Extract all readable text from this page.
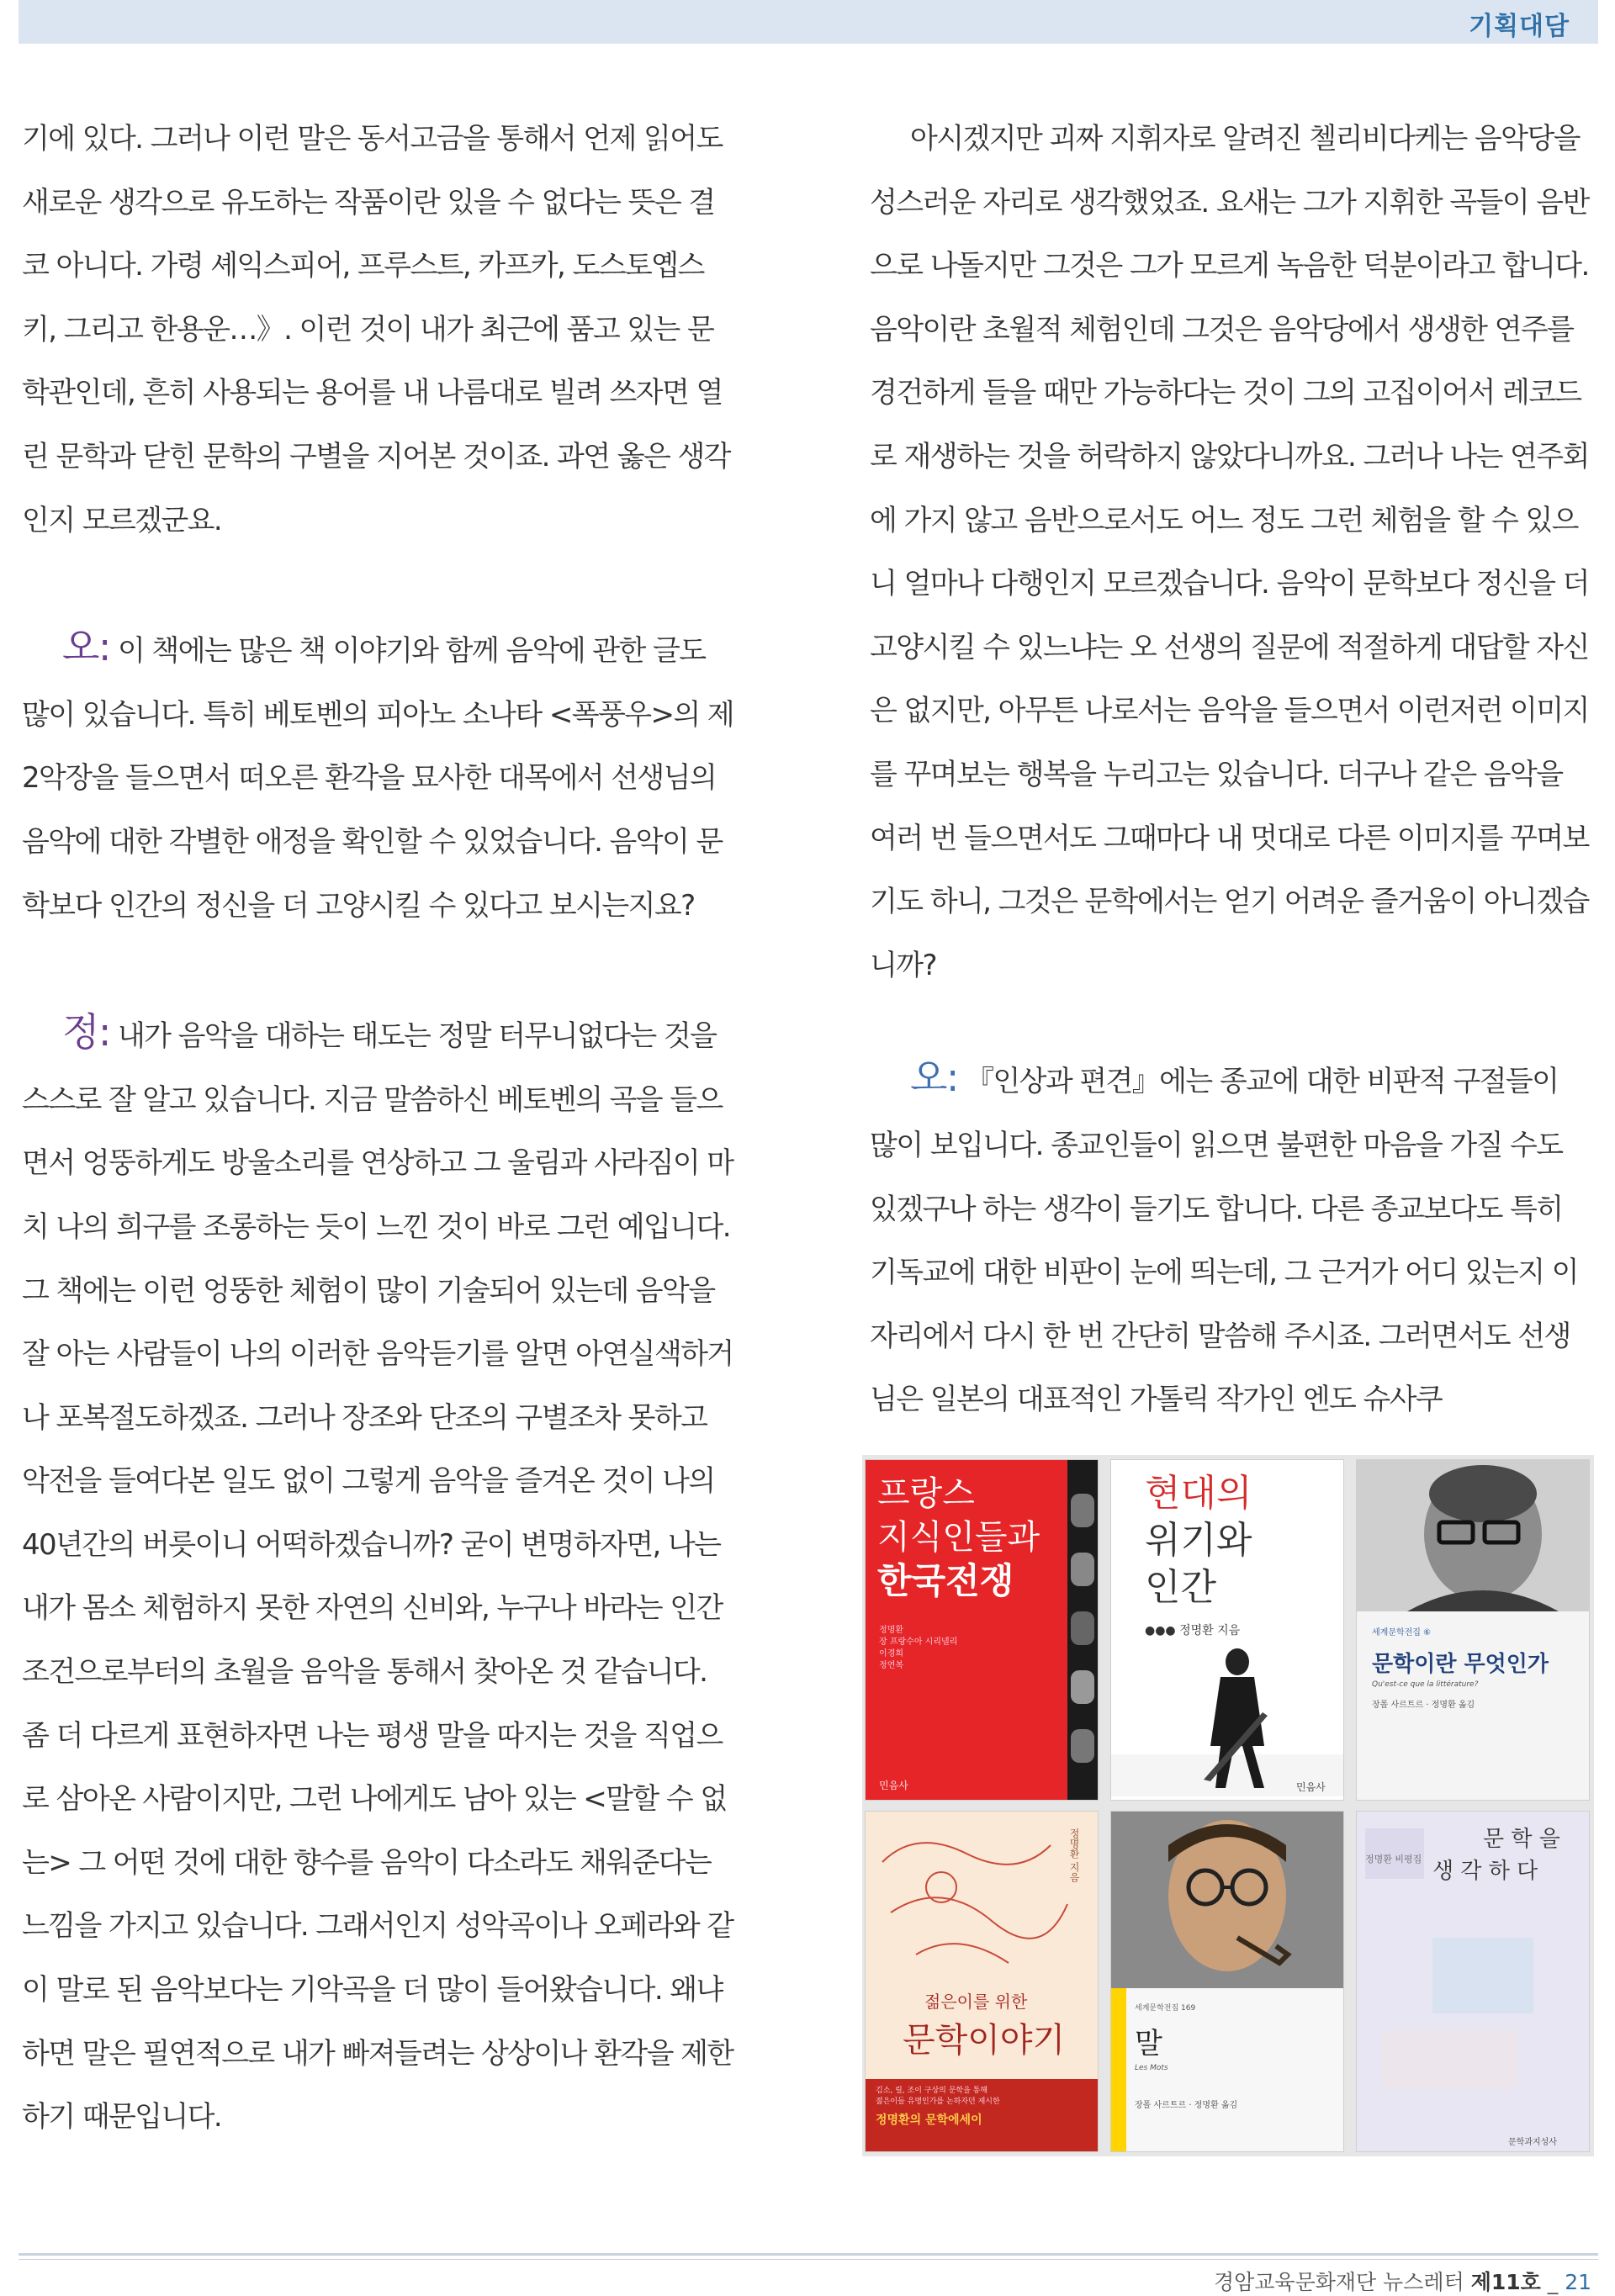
기획대담

기에 있다. 그러나 이런 말은 동서고금을 통해서 언제 읽어도 새로운 생각으로 유도하는 작품이란 있을 수 없다는 뜻은 결코 아니다. 가령 셰익스피어, 프루스트, 카프카, 도스토옙스키, 그리고 한용운…》. 이런 것이 내가 최근에 품고 있는 문학관인데, 흔히 사용되는 용어를 내 나름대로 빌려 쓰자면 열린 문학과 닫힌 문학의 구별을 지어본 것이죠. 과연 옳은 생각인지 모르겠군요.

오: 이 책에는 많은 책 이야기와 함께 음악에 관한 글도 많이 있습니다. 특히 베토벤의 피아노 소나타 <폭풍우>의 제2악장을 들으면서 떠오른 환각을 묘사한 대목에서 선생님의 음악에 대한 각별한 애정을 확인할 수 있었습니다. 음악이 문학보다 인간의 정신을 더 고양시킬 수 있다고 보시는지요?

정: 내가 음악을 대하는 태도는 정말 터무니없다는 것을 스스로 잘 알고 있습니다. 지금 말씀하신 베토벤의 곡을 들으면서 엉뚱하게도 방울소리를 연상하고 그 울림과 사라짐이 마치 나의 희구를 조롱하는 듯이 느낀 것이 바로 그런 예입니다. 그 책에는 이런 엉뚱한 체험이 많이 기술되어 있는데 음악을 잘 아는 사람들이 나의 이러한 음악듣기를 알면 아연실색하거나 포복절도하겠죠. 그러나 장조와 단조의 구별조차 못하고 악전을 들여다본 일도 없이 그렇게 음악을 즐겨온 것이 나의 40년간의 버릇이니 어떡하겠습니까? 굳이 변명하자면, 나는 내가 몸소 체험하지 못한 자연의 신비와, 누구나 바라는 인간조건으로부터의 초월을 음악을 통해서 찾아온 것 같습니다. 좀 더 다르게 표현하자면 나는 평생 말을 따지는 것을 직업으로 삼아온 사람이지만, 그런 나에게도 남아 있는 <말할 수 없는> 그 어떤 것에 대한 향수를 음악이 다소라도 채워준다는 느낌을 가지고 있습니다. 그래서인지 성악곡이나 오페라와 같이 말로 된 음악보다는 기악곡을 더 많이 들어왔습니다. 왜냐하면 말은 필연적으로 내가 빠져들려는 상상이나 환각을 제한하기 때문입니다.

아시겠지만 괴짜 지휘자로 알려진 첼리비다케는 음악당을 성스러운 자리로 생각했었죠. 요새는 그가 지휘한 곡들이 음반으로 나돌지만 그것은 그가 모르게 녹음한 덕분이라고 합니다. 음악이란 초월적 체험인데 그것은 음악당에서 생생한 연주를 경건하게 들을 때만 가능하다는 것이 그의 고집이어서 레코드로 재생하는 것을 허락하지 않았다니까요. 그러나 나는 연주회에 가지 않고 음반으로서도 어느 정도 그런 체험을 할 수 있으니 얼마나 다행인지 모르겠습니다. 음악이 문학보다 정신을 더 고양시킬 수 있느냐는 오 선생의 질문에 적절하게 대답할 자신은 없지만, 아무튼 나로서는 음악을 들으면서 이런저런 이미지를 꾸며보는 행복을 누리고는 있습니다. 더구나 같은 음악을 여러 번 들으면서도 그때마다 내 멋대로 다른 이미지를 꾸며보기도 하니, 그것은 문학에서는 얻기 어려운 즐거움이 아니겠습니까?

오: 『인상과 편견』에는 종교에 대한 비판적 구절들이 많이 보입니다. 종교인들이 읽으면 불편한 마음을 가질 수도 있겠구나 하는 생각이 들기도 합니다. 다른 종교보다도 특히 기독교에 대한 비판이 눈에 띄는데, 그 근거가 어디 있는지 이 자리에서 다시 한 번 간단히 말씀해 주시죠. 그러면서도 선생님은 일본의 대표적인 가톨릭 작가인 엔도 슈사쿠

프랑스
지식인들과
한국전쟁
정명환
장 프랑수아 시리넬리
이경희
정연복
민음사
현대의
위기와
인간
●●● 정명환 지음
민음사
세계문학전집 ⑥
문학이란 무엇인가
Qu'est-ce que la littérature?
장폴 사르트르 · 정명환 옮김
정명환 지음
젊은이를 위한
문학이야기
김소, 릴, 조이 구상의 문학을 통해
젊은이들 유명인가를 논하자던 제시한
정명환의 문학에세이
세계문학전집 169
말
Les Mots
장폴 사르트르 · 정명환 옮김
문 학 을
생 각 하 다
정명환 비평집
문학과지성사
경암교육문화재단 뉴스레터 제11호 _ 21
